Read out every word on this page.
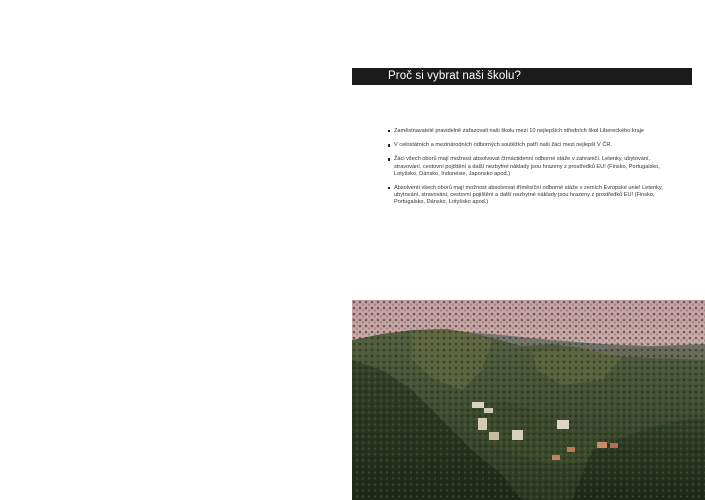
Proč si vybrat naši školu?
Zaměstnavatelé pravidelně zařazovali naši školu mezi 10 nejlepších středních škol Libereckého kraje
V celostátních a mezinárodních odborných soutěžích patří naši žáci mezi nejlepší V ČR.
Žáci všech oborů mají možnost absolvovat čtrnáctidenní odborné stáže v zahraničí. Letenky, ubytování, stravování, cestovní pojištění a další nezbytné náklady jsou hrazeny z prostředků EU! (Finsko, Portugalsko, Lotyšsko, Dánsko, Indonésie, Japonsko apod.)
Absolventi všech oborů mají možnost absolvovat tříměsíční odborné stáže v zemích Evropské unie! Letenky, ubytování, stravování, cestovní pojištění a další nezbytné náklady jsou hrazeny z prostředků EU! (Finsko, Portugalsko, Dánsko, Lotyšsko apod.)
